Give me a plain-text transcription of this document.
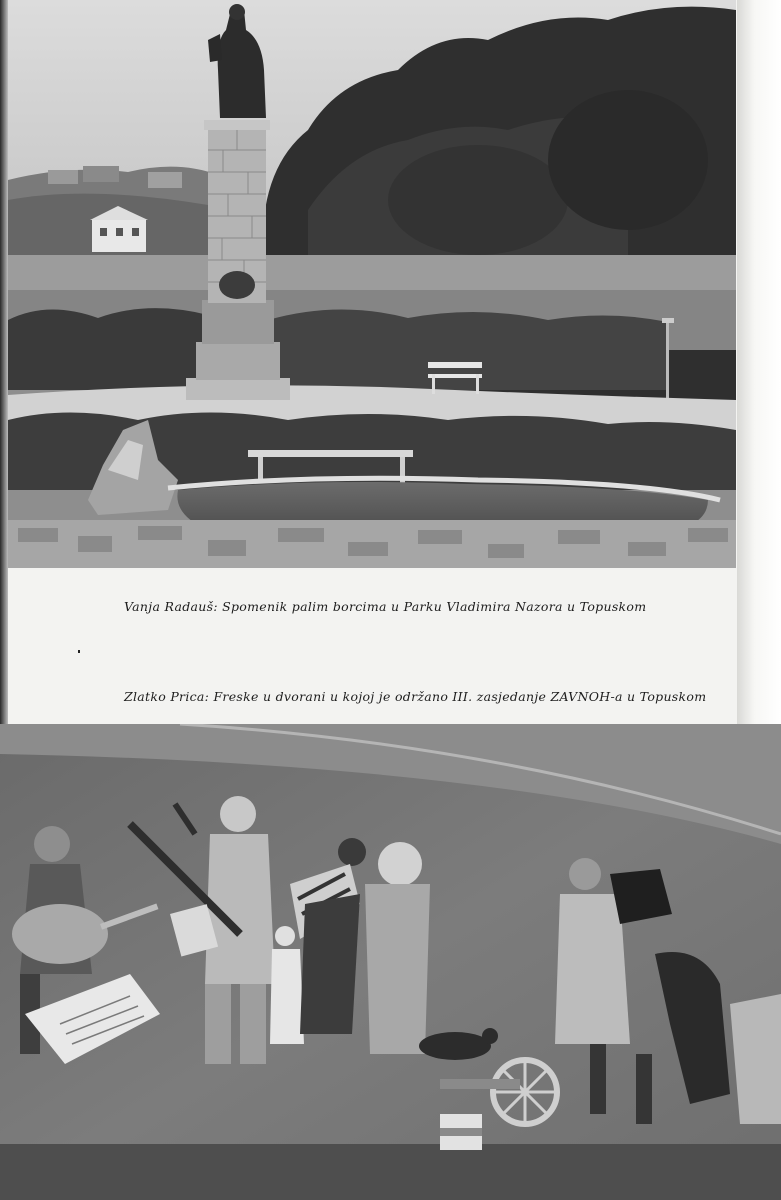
Vanja Radauš: Spomenik palim borcima u Parku Vladimira Nazora u Topuskom

Zlatko Prica: Freske u dvorani u kojoj je održano III. zasjedanje ZAVNOH-a u Topuskom
